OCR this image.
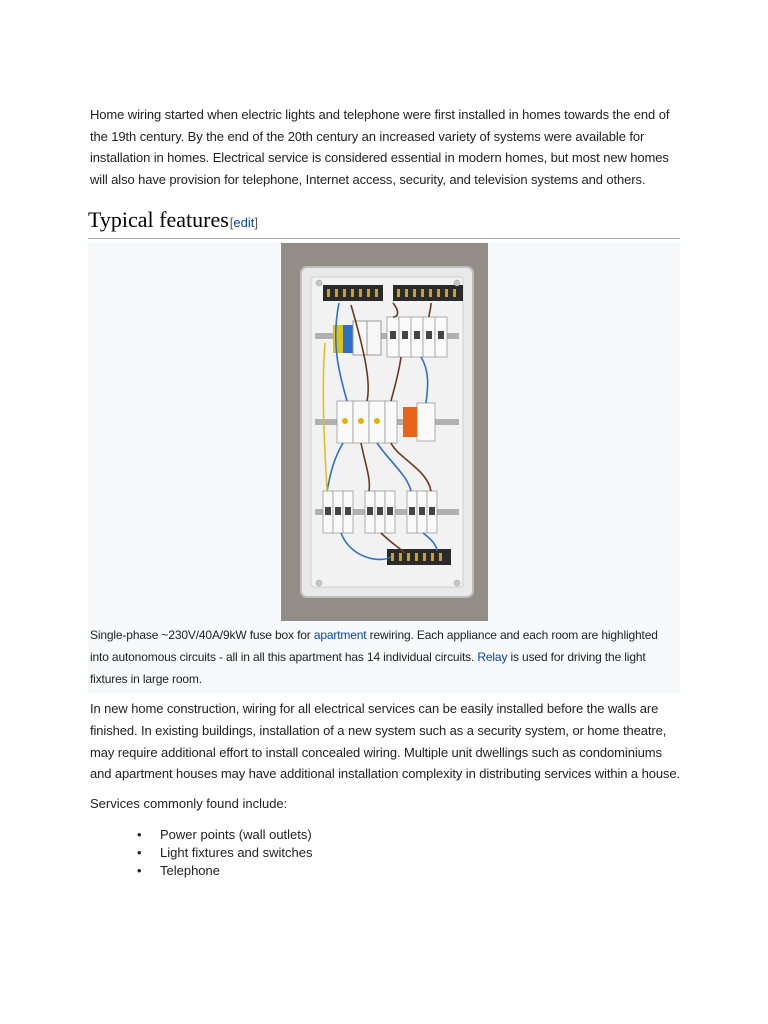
Home wiring started when electric lights and telephone were first installed in homes towards the end of the 19th century. By the end of the 20th century an increased variety of systems were available for installation in homes. Electrical service is considered essential in modern homes, but most new homes will also have provision for telephone, Internet access, security, and television systems and others.

Typical features[edit]
Single-phase ~230V/40A/9kW fuse box for apartment rewiring. Each appliance and each room are highlighted into autonomous circuits - all in all this apartment has 14 individual circuits. Relay is used for driving the light fixtures in large room.

In new home construction, wiring for all electrical services can be easily installed before the walls are finished. In existing buildings, installation of a new system such as a security system, or home theatre, may require additional effort to install concealed wiring. Multiple unit dwellings such as condominiums and apartment houses may have additional installation complexity in distributing services within a house.

Services commonly found include:

• Power points (wall outlets)
• Light fixtures and switches
• Telephone
